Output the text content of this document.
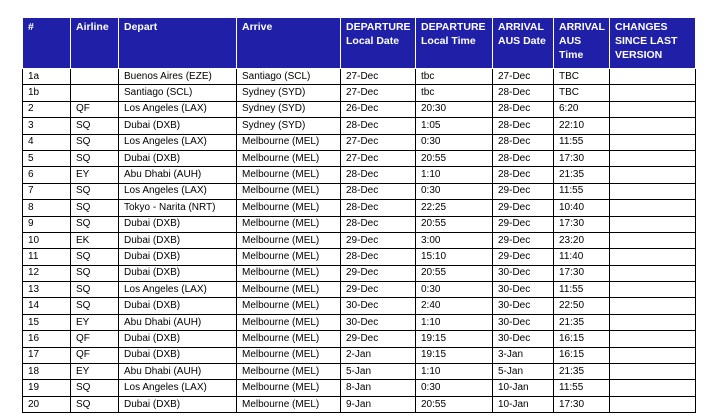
#	Airline	Depart	Arrive	DEPARTURE Local Date	DEPARTURE Local Time	ARRIVAL AUS Date	ARRIVAL AUS Time	CHANGES SINCE LAST VERSION
1a		Buenos Aires (EZE)	Santiago (SCL)	27-Dec	tbc	27-Dec	TBC	
1b		Santiago (SCL)	Sydney (SYD)	27-Dec	tbc	28-Dec	TBC	
2	QF	Los Angeles (LAX)	Sydney (SYD)	26-Dec	20:30	28-Dec	6:20	
3	SQ	Dubai (DXB)	Sydney (SYD)	28-Dec	1:05	28-Dec	22:10	
4	SQ	Los Angeles (LAX)	Melbourne (MEL)	27-Dec	0:30	28-Dec	11:55	
5	SQ	Dubai (DXB)	Melbourne (MEL)	27-Dec	20:55	28-Dec	17:30	
6	EY	Abu Dhabi (AUH)	Melbourne (MEL)	28-Dec	1:10	28-Dec	21:35	
7	SQ	Los Angeles (LAX)	Melbourne (MEL)	28-Dec	0:30	29-Dec	11:55	
8	SQ	Tokyo - Narita (NRT)	Melbourne (MEL)	28-Dec	22:25	29-Dec	10:40	
9	SQ	Dubai (DXB)	Melbourne (MEL)	28-Dec	20:55	29-Dec	17:30	
10	EK	Dubai (DXB)	Melbourne (MEL)	29-Dec	3:00	29-Dec	23:20	
11	SQ	Dubai (DXB)	Melbourne (MEL)	28-Dec	15:10	29-Dec	11:40	
12	SQ	Dubai (DXB)	Melbourne (MEL)	29-Dec	20:55	30-Dec	17:30	
13	SQ	Los Angeles (LAX)	Melbourne (MEL)	29-Dec	0:30	30-Dec	11:55	
14	SQ	Dubai (DXB)	Melbourne (MEL)	30-Dec	2:40	30-Dec	22:50	
15	EY	Abu Dhabi (AUH)	Melbourne (MEL)	30-Dec	1:10	30-Dec	21:35	
16	QF	Dubai (DXB)	Melbourne (MEL)	29-Dec	19:15	30-Dec	16:15	
17	QF	Dubai (DXB)	Melbourne (MEL)	2-Jan	19:15	3-Jan	16:15	
18	EY	Abu Dhabi (AUH)	Melbourne (MEL)	5-Jan	1:10	5-Jan	21:35	
19	SQ	Los Angeles (LAX)	Melbourne (MEL)	8-Jan	0:30	10-Jan	11:55	
20	SQ	Dubai (DXB)	Melbourne (MEL)	9-Jan	20:55	10-Jan	17:30	
